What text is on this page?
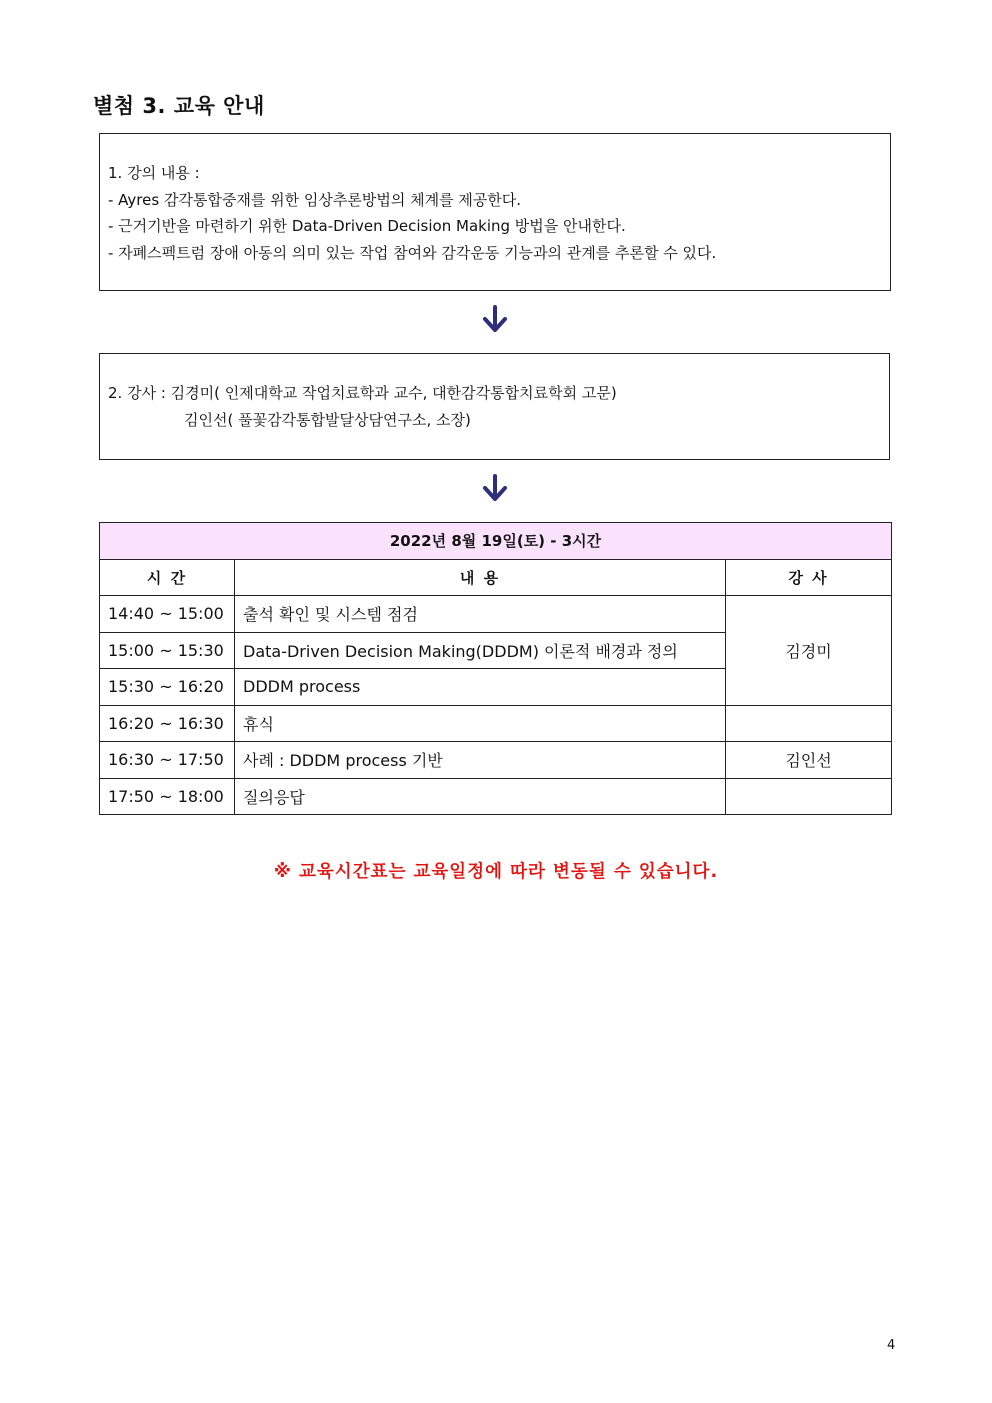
별첨 3. 교육 안내
1. 강의 내용 :
- Ayres 감각통합중재를 위한 임상추론방법의 체계를 제공한다.
- 근거기반을 마련하기 위한 Data-Driven Decision Making 방법을 안내한다.
- 자폐스펙트럼 장애 아동의 의미 있는 작업 참여와 감각운동 기능과의 관계를 추론할 수 있다.
2. 강사 : 김경미( 인제대학교 작업치료학과 교수, 대한감각통합치료학회 고문)
김인선( 풀꽃감각통합발달상담연구소, 소장)
2022년 8월 19일(토) - 3시간		
시 간	내 용	강 사
14:40 ~ 15:00	출석 확인 및 시스템 점검	김경미
15:00 ~ 15:30	Data-Driven Decision Making(DDDM) 이론적 배경과 정의	
15:30 ~ 16:20	DDDM process	
16:20 ~ 16:30	휴식	
16:30 ~ 17:50	사례 : DDDM process 기반	김인선
17:50 ~ 18:00	질의응답	
※ 교육시간표는 교육일정에 따라 변동될 수 있습니다.
4
